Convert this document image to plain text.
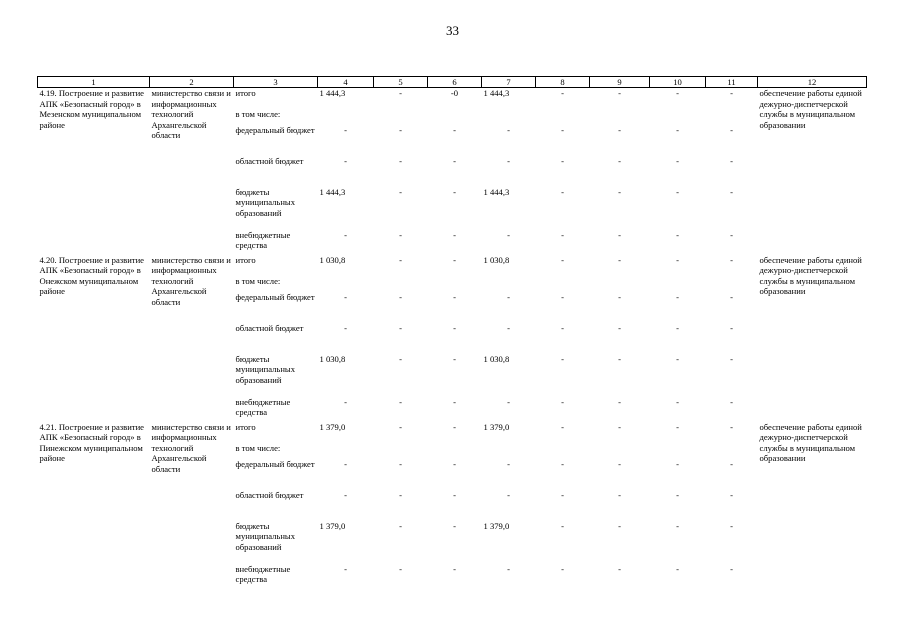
33
1	2	3	4	5	6	7	8	9	10	11	12
4.19. Построение и развитие АПК «Безопасный город» в Мезенском муниципальном районе	министерство связи и информационных технологий Архангельской области	итого	1 444,3	-	-0	1 444,3	-	-	-	-	обеспечение работы единой дежурно-диспетчерской службы в муниципальном образовании
		в том числе:									
		федеральный бюджет	-	-	-	-	-	-	-	-	
		областной бюджет	-	-	-	-	-	-	-	-	
		бюджеты муниципальных образований	1 444,3	-	-	1 444,3	-	-	-	-	
		внебюджетные средства	-	-	-	-	-	-	-	-	
4.20. Построение и развитие АПК «Безопасный город» в Онежском муниципальном районе	министерство связи и информационных технологий Архангельской области	итого	1 030,8	-	-	1 030,8	-	-	-	-	обеспечение работы единой дежурно-диспетчерской службы в муниципальном образовании
		в том числе:									
		федеральный бюджет	-	-	-	-	-	-	-	-	
		областной бюджет	-	-	-	-	-	-	-	-	
		бюджеты муниципальных образований	1 030,8	-	-	1 030,8	-	-	-	-	
		внебюджетные средства	-	-	-	-	-	-	-	-	
4.21. Построение и развитие АПК «Безопасный город» в Пинежском муниципальном районе	министерство связи и информационных технологий Архангельской области	итого	1 379,0	-	-	1 379,0	-	-	-	-	обеспечение работы единой дежурно-диспетчерской службы в муниципальном образовании
		в том числе:									
		федеральный бюджет	-	-	-	-	-	-	-	-	
		областной бюджет	-	-	-	-	-	-	-	-	
		бюджеты муниципальных образований	1 379,0	-	-	1 379,0	-	-	-	-	
		внебюджетные средства	-	-	-	-	-	-	-	-	
